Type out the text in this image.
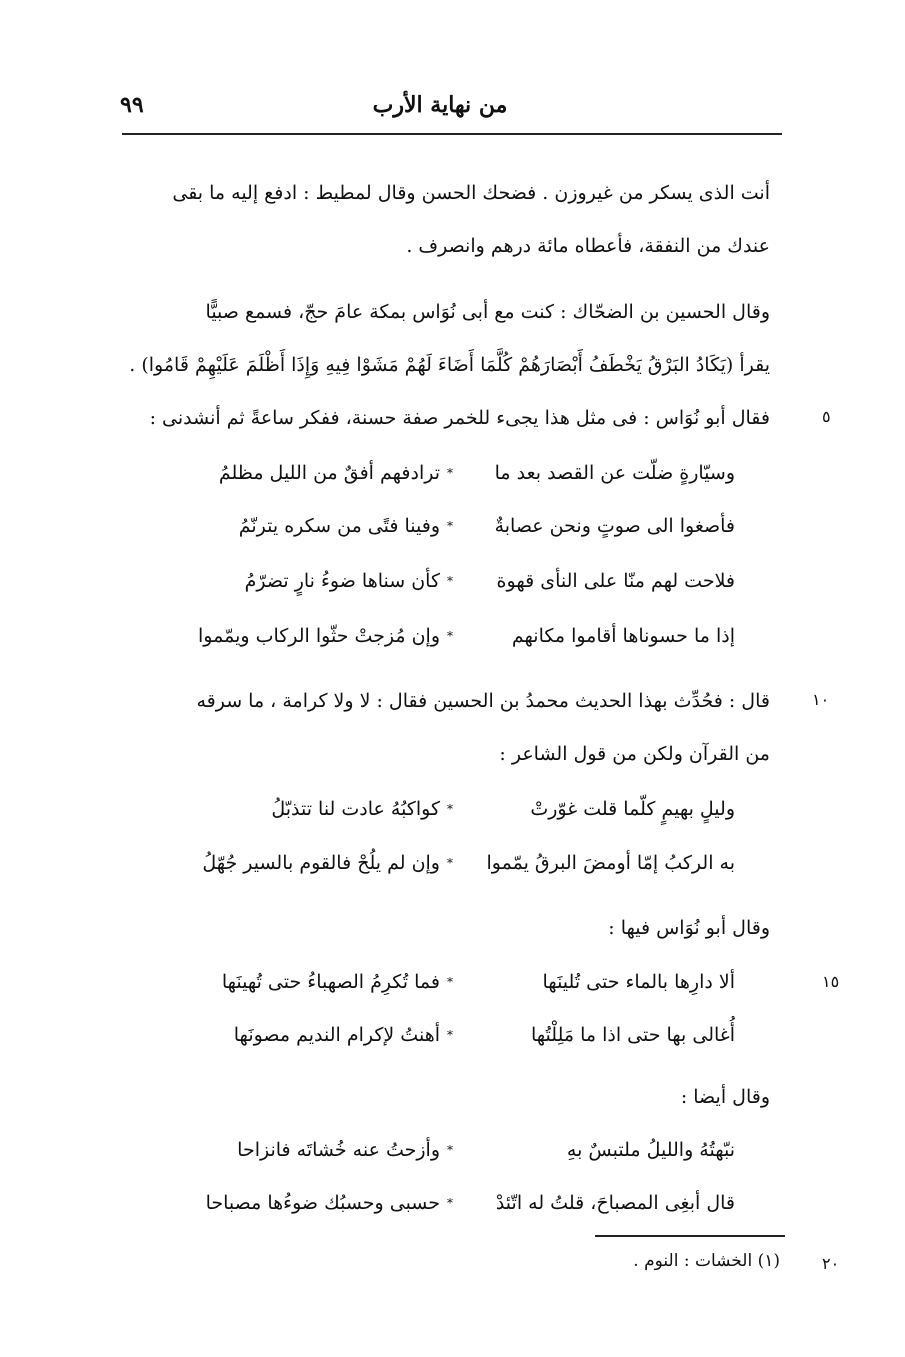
من نهاية الأرب
٩٩
أنت الذى يسكر من غيروزن . فضحك الحسن وقال لمطيط : ادفع إليه ما بقى
عندك من النفقة، فأعطاه مائة درهم وانصرف .
وقال الحسين بن الضحّاك : كنت مع أبى نُوَاس بمكة عامَ حجّ، فسمع صبيًّا
يقرأ (يَكَادُ البَرْقُ يَخْطَفُ أَبْصَارَهُمْ كُلَّمَا أَضَاءَ لَهُمْ مَشَوْا فِيهِ وَإِذَا أَظْلَمَ عَلَيْهِمْ قَامُوا) .
فقال أبو نُوَاس : فى مثل هذا يجىء للخمر صفة حسنة، ففكر ساعةً ثم أنشدنى :	٥
وسيّارةٍ ضلّت عن القصد بعد ما
*
ترادفهم أفقٌ من الليل مظلمُ
فأصغوا الى صوتٍ ونحن عصابةٌ
*
وفينا فتًى من سكره يترنّمُ
فلاحت لهم منّا على النأى قهوة
*
كأن سناها ضوءُ نارٍ تضرّمُ
إذا ما حسوناها أقاموا مكانهم
*
وإن مُزجتْ حثّوا الركاب ويمّموا
قال : فحُدِّث بهذا الحديث محمدُ بن الحسين فقال : لا ولا كرامة ، ما سرقه	١٠
من القرآن ولكن من قول الشاعر :
وليلٍ بهيمٍ كلّما قلت غوّرتْ
*
كواكبُهُ عادت لنا تتذبّلُ
به الركبُ إمّا أومضَ البرقُ يمّموا
*
وإن لم يلُحْ فالقوم بالسير جُهّلُ
وقال أبو نُوَاس فيها :
١٥
ألا دارِها بالماء حتى تُلينَها
*
فما تُكرِمُ الصهباءُ حتى تُهينَها
أُغالى بها حتى اذا ما مَلِلْتُها
*
أهنتُ لإكرام النديم مصونَها
وقال أيضا :
نبّهتُهُ والليلُ ملتبسٌ بهِ
*
وأزحتُ عنه خُشاتَه فانزاحا
قال أبغِى المصباحَ، قلتُ له اتّئدْ
*
حسبى وحسبُك ضوءُها مصباحا
(١) الخشات : النوم .	٢٠
